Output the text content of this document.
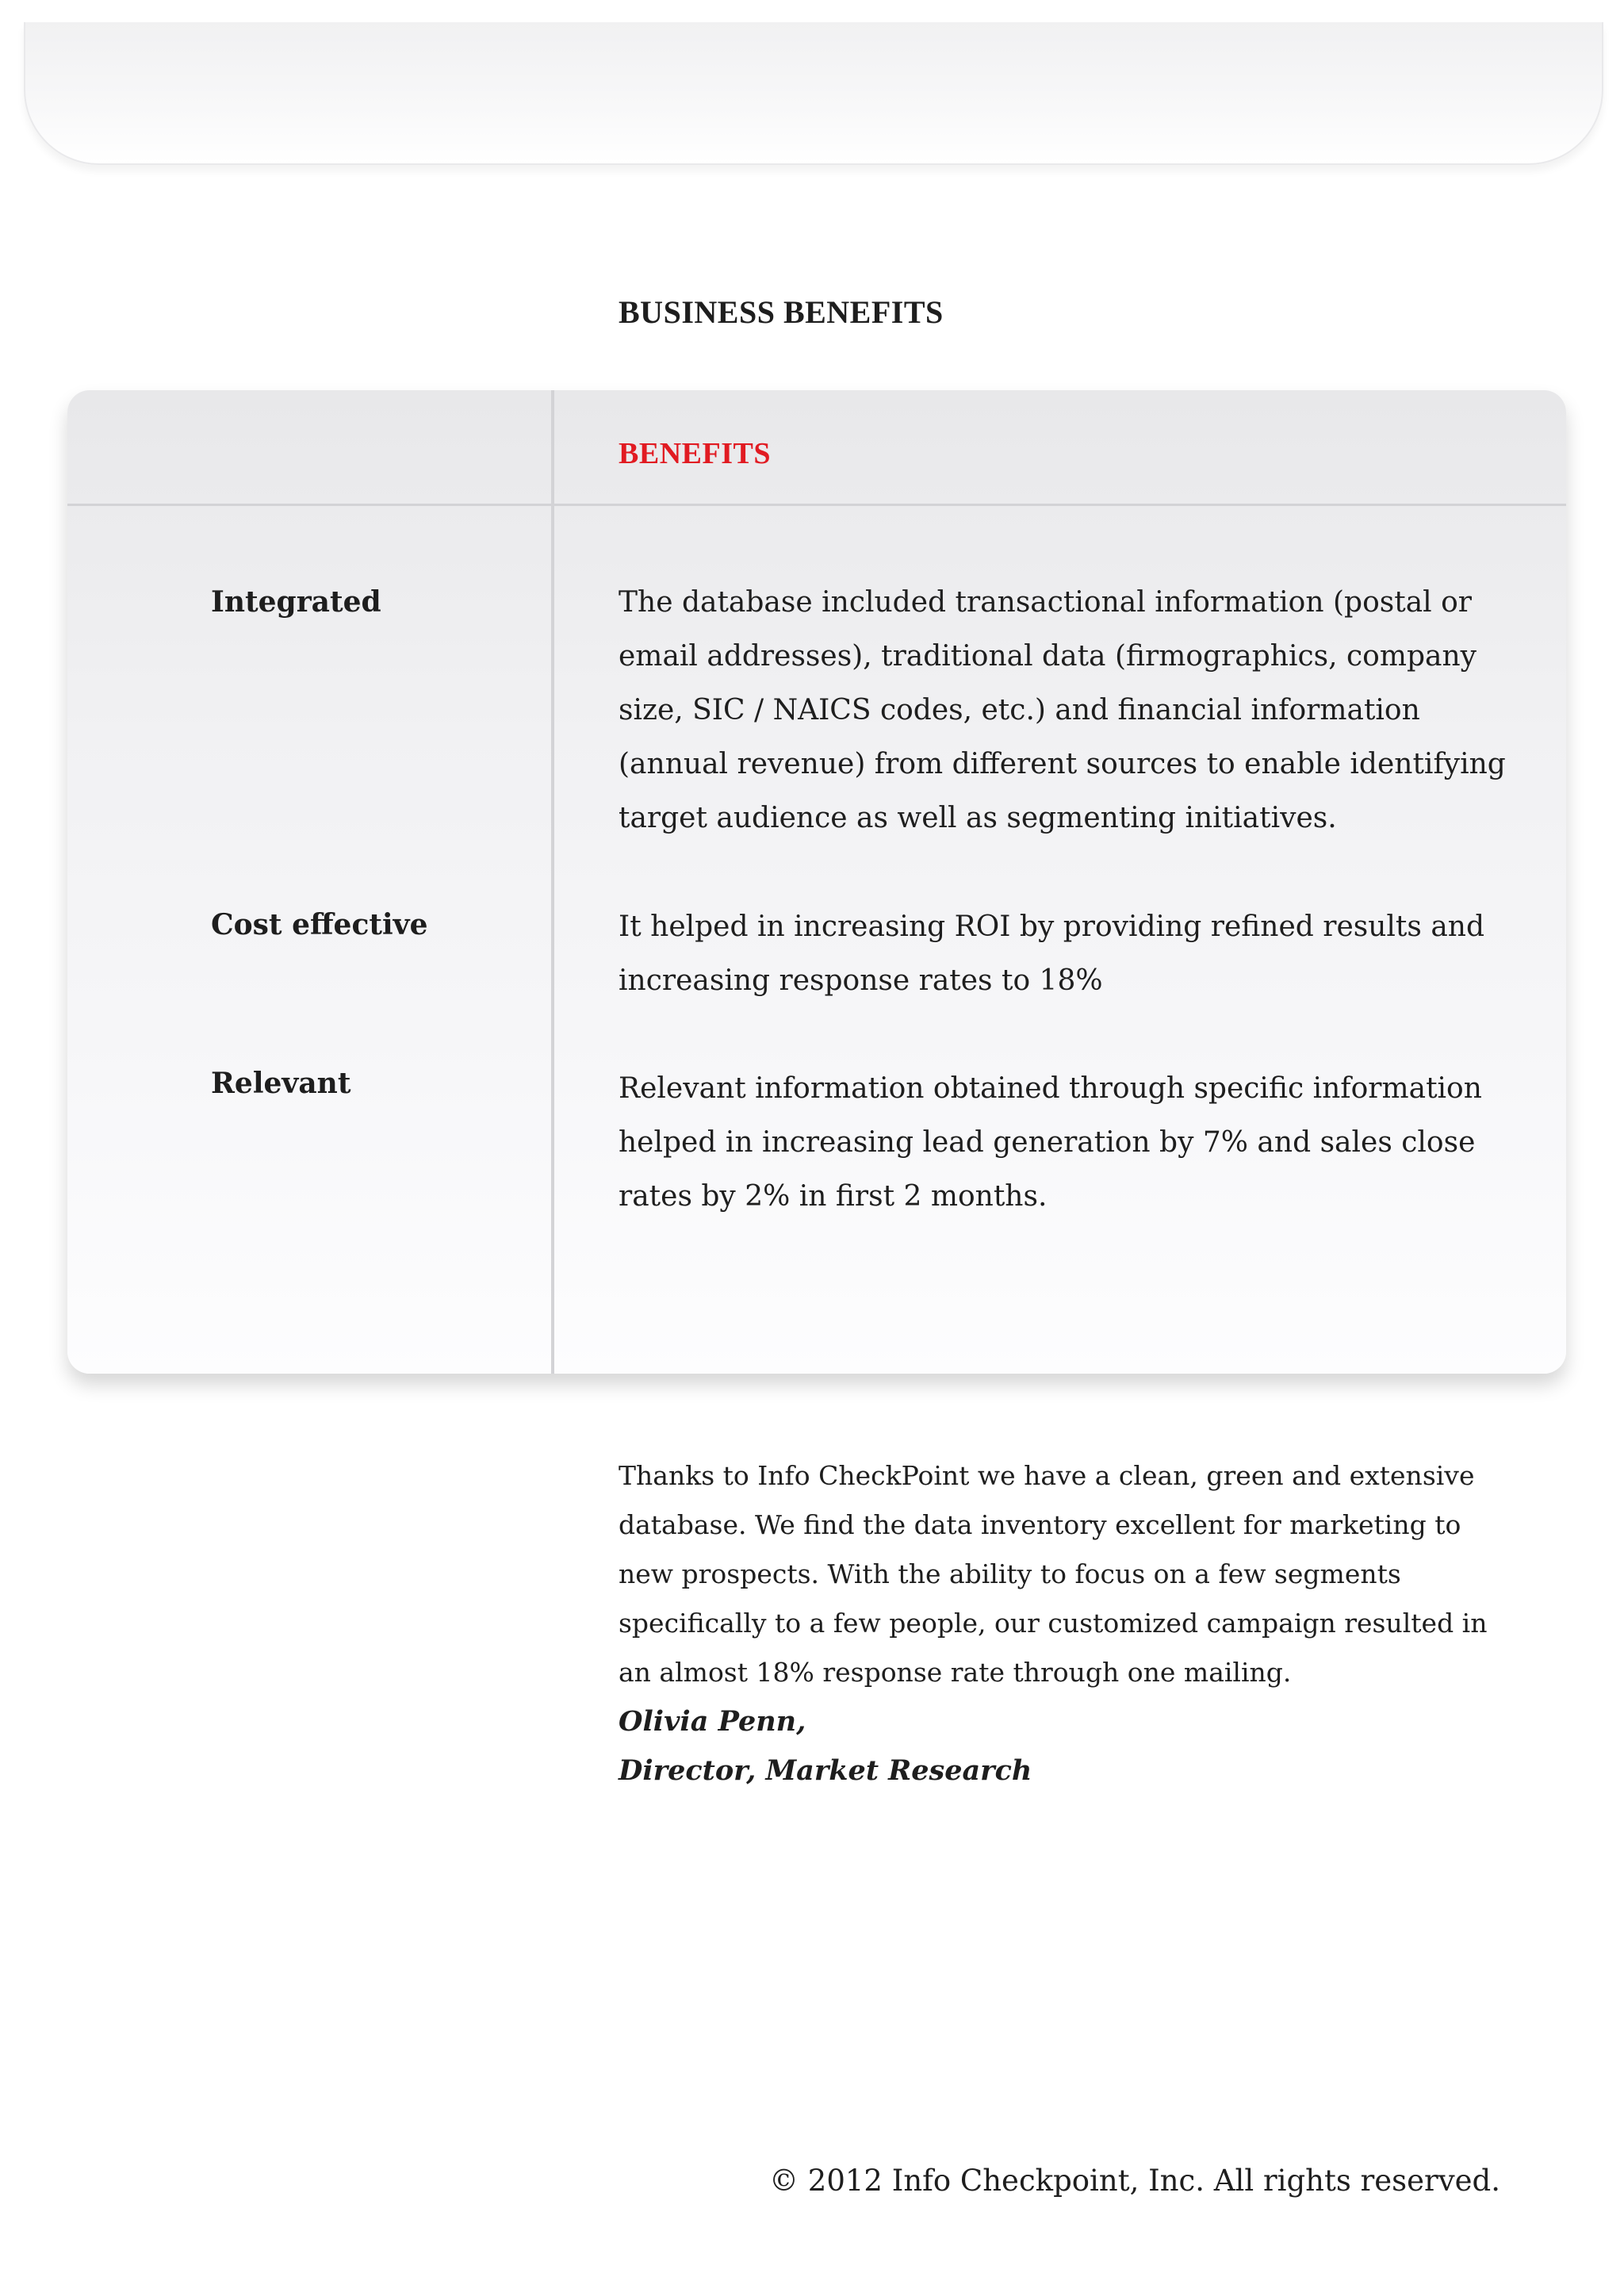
BUSINESS BENEFITS
BENEFITS
Integrated	The database included transactional information (postal or email addresses), traditional data (firmographics, company size, SIC / NAICS codes, etc.) and financial information (annual revenue) from different sources to enable identifying target audience as well as segmenting initiatives.

Cost effective	It helped in increasing ROI by providing refined results and increasing response rates to 18%

Relevant	Relevant information obtained through specific information helped in increasing lead generation by 7% and sales close rates by 2% in first 2 months.

Thanks to Info CheckPoint we have a clean, green and extensive database. We find the data inventory excellent for marketing to new prospects. With the ability to focus on a few segments specifically to a few people, our customized campaign resulted in an almost 18% response rate through one mailing.

Olivia Penn,
Director, Market Research

© 2012 Info Checkpoint, Inc. All rights reserved.
